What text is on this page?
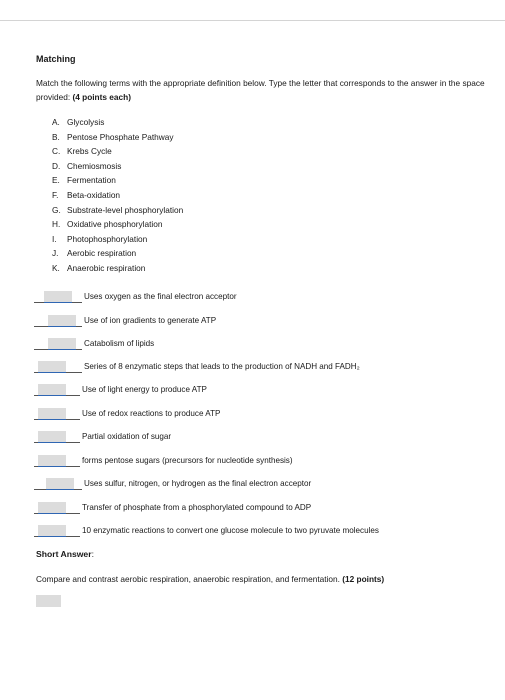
Matching
Match the following terms with the appropriate definition below. Type the letter that corresponds to the answer in the space provided: (4 points each)
A. Glycolysis
B. Pentose Phosphate Pathway
C. Krebs Cycle
D. Chemiosmosis
E. Fermentation
F. Beta-oxidation
G. Substrate-level phosphorylation
H. Oxidative phosphorylation
I. Photophosphorylation
J. Aerobic respiration
K. Anaerobic respiration
Uses oxygen as the final electron acceptor
Use of ion gradients to generate ATP
Catabolism of lipids
Series of 8 enzymatic steps that leads to the production of NADH and FADH₂
Use of light energy to produce ATP
Use of redox reactions to produce ATP
Partial oxidation of sugar
forms pentose sugars (precursors for nucleotide synthesis)
Uses sulfur, nitrogen, or hydrogen as the final electron acceptor
Transfer of phosphate from a phosphorylated compound to ADP
10 enzymatic reactions to convert one glucose molecule to two pyruvate molecules
Short Answer:
Compare and contrast aerobic respiration, anaerobic respiration, and fermentation. (12 points)
